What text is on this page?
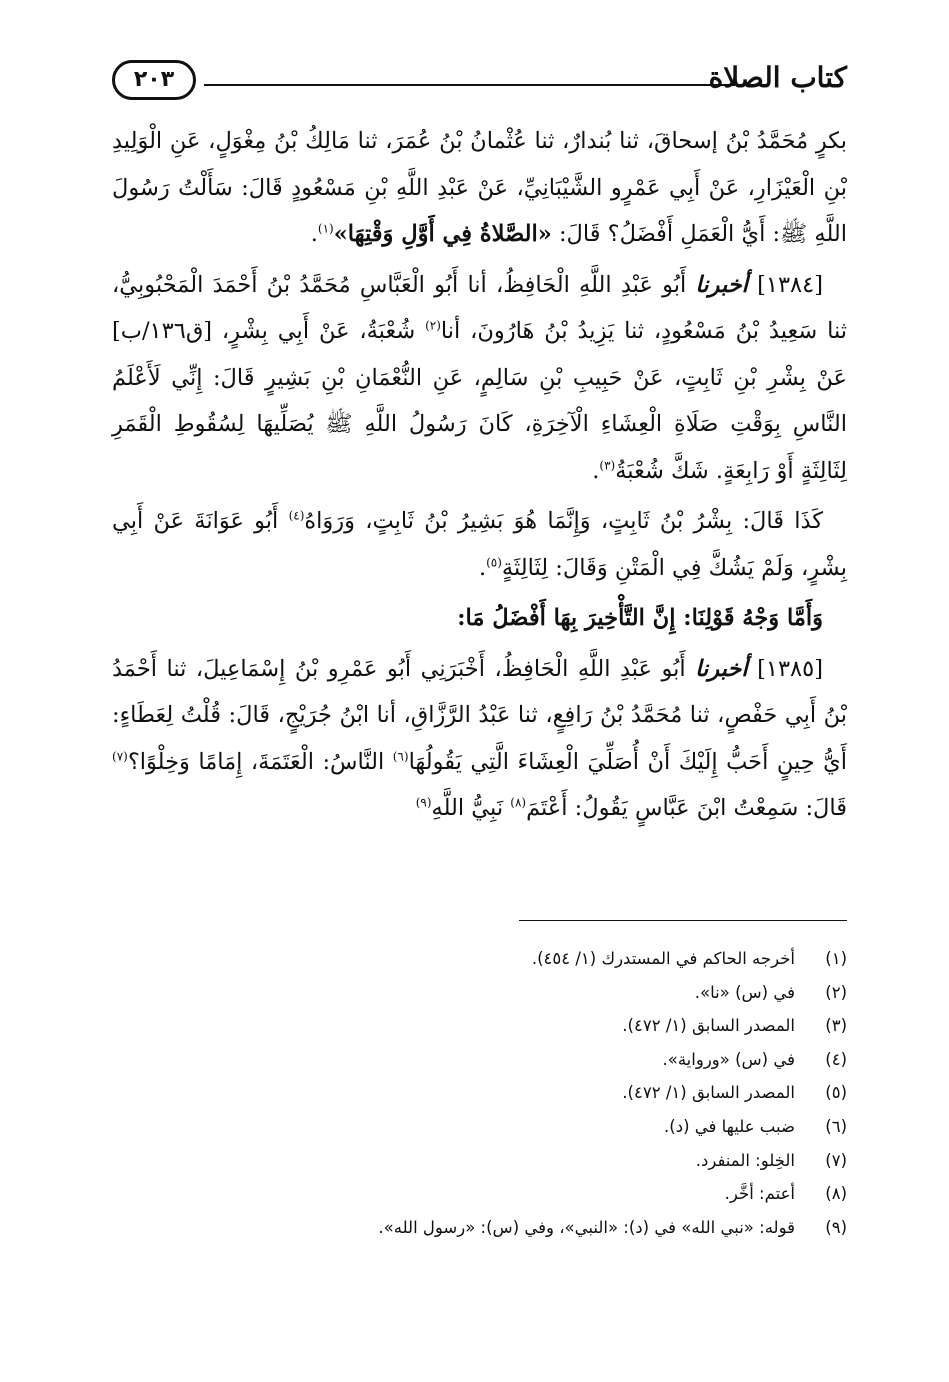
كتاب الصلاة
٢٠٣

بكرٍ مُحَمَّدُ بْنُ إسحاقَ، ثنا بُندارٌ، ثنا عُثْمانُ بْنُ عُمَرَ، ثنا مَالِكُ بْنُ مِغْوَلٍ، عَنِ الْوَلِيدِ بْنِ الْعَيْزَارِ، عَنْ أَبِي عَمْرٍو الشَّيْبَانِيِّ، عَنْ عَبْدِ اللَّهِ بْنِ مَسْعُودٍ قَالَ: سَأَلْتُ رَسُولَ اللَّهِ ﷺ: أَيُّ الْعَمَلِ أَفْضَلُ؟ قَالَ: «الصَّلاةُ فِي أَوَّلِ وَقْتِهَا»$^{(١)}$.

[١٣٨٤] أخبرنا أَبُو عَبْدِ اللَّهِ الْحَافِظُ، أنا أَبُو الْعَبَّاسِ مُحَمَّدُ بْنُ أَحْمَدَ الْمَحْبُوبِيُّ، ثنا سَعِيدُ بْنُ مَسْعُودٍ، ثنا يَزِيدُ بْنُ هَارُونَ، أنا$^{(٢)}$ شُعْبَةُ، عَنْ أَبِي بِشْرٍ، [ق١٣٦/ب] عَنْ بِشْرِ بْنِ ثَابِتٍ، عَنْ حَبِيبِ بْنِ سَالِمٍ، عَنِ النُّعْمَانِ بْنِ بَشِيرٍ قَالَ: إِنِّي لَأَعْلَمُ النَّاسِ بِوَقْتِ صَلَاةِ الْعِشَاءِ الْآخِرَةِ، كَانَ رَسُولُ اللَّهِ ﷺ يُصَلِّيهَا لِسُقُوطِ الْقَمَرِ لِثَالِثَةٍ أَوْ رَابِعَةٍ. شَكَّ شُعْبَةُ$^{(٣)}$.

كَذَا قَالَ: بِشْرُ بْنُ ثَابِتٍ، وَإِنَّمَا هُوَ بَشِيرُ بْنُ ثَابِتٍ، وَرَوَاهُ$^{(٤)}$ أَبُو عَوَانَةَ عَنْ أَبِي بِشْرٍ، وَلَمْ يَشُكَّ فِي الْمَتْنِ وَقَالَ: لِثَالِثَةٍ$^{(٥)}$.

وَأَمَّا وَجْهُ قَوْلِنَا: إِنَّ التَّأْخِيرَ بِهَا أَفْضَلُ مَا:

[١٣٨٥] أخبرنا أَبُو عَبْدِ اللَّهِ الْحَافِظُ، أَخْبَرَنِي أَبُو عَمْرِو بْنُ إِسْمَاعِيلَ، ثنا أَحْمَدُ بْنُ أَبِي حَفْصٍ، ثنا مُحَمَّدُ بْنُ رَافِعٍ، ثنا عَبْدُ الرَّزَّاقِ، أنا ابْنُ جُرَيْجٍ، قَالَ: قُلْتُ لِعَطَاءٍ: أَيُّ حِينٍ أَحَبُّ إِلَيْكَ أَنْ أُصَلِّيَ الْعِشَاءَ الَّتِي يَقُولُهَا$^{(٦)}$ النَّاسُ: الْعَتَمَةَ، إِمَامًا وَخِلْوًا؟$^{(٧)}$ قَالَ: سَمِعْتُ ابْنَ عَبَّاسٍ يَقُولُ: أَعْتَمَ$^{(٨)}$ نَبِيُّ اللَّهِ$^{(٩)}$

(١)
أخرجه الحاكم في المستدرك (١/ ٤٥٤).
(٢)
في (س) «نا».
(٣)
المصدر السابق (١/ ٤٧٢).
(٤)
في (س) «ورواية».
(٥)
المصدر السابق (١/ ٤٧٢).
(٦)
ضبب عليها في (د).
(٧)
الخِلو: المنفرد.
(٨)
أعتم: أخَّر.
(٩)
قوله: «نبي الله» في (د): «النبي»، وفي (س): «رسول الله».
